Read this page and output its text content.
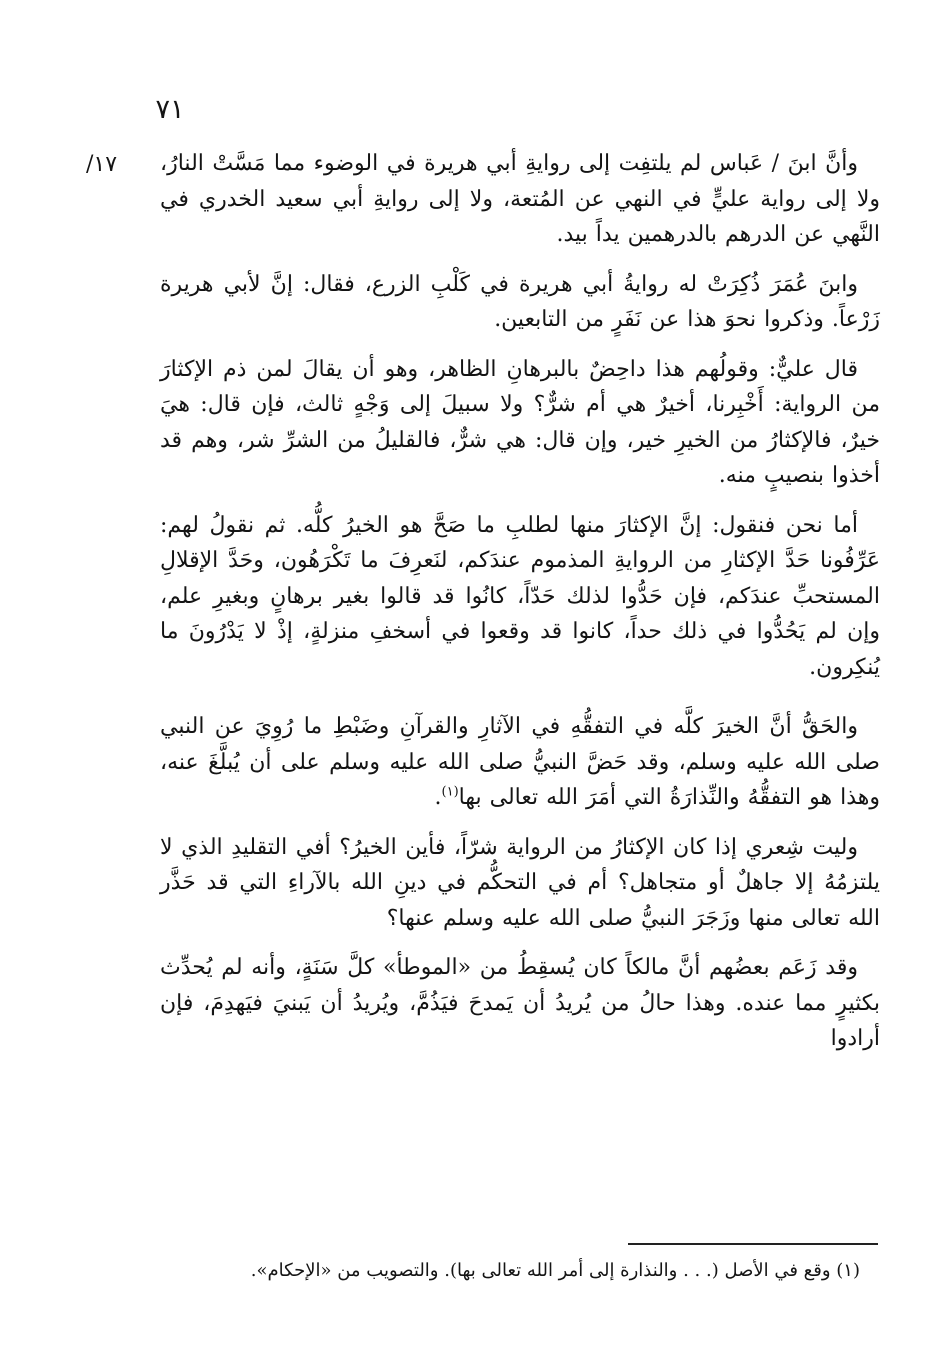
٧١
١٧/ وأنَّ ابنَ / عَباس لم يلتفِت إلى روايةِ أبي هريرة في الوضوء مما مَسَّتْ النارُ، ولا إلى رواية عليٍّ في النهي عن المُتعة، ولا إلى روايةِ أبي سعيد الخدري في النَّهي عن الدرهم بالدرهمين يداً بيد.

وابنَ عُمَرَ ذُكِرَتْ له روايةُ أبي هريرة في كَلْبِ الزرع، فقال: إنَّ لأبي هريرة زَرْعاً. وذكروا نحوَ هذا عن نَفَرٍ من التابعين.

قال عليٌّ: وقولُهم هذا داحِضٌ بالبرهانِ الظاهر، وهو أن يقالَ لمن ذم الإكثارَ من الرواية: أَخْبِرنا، أخيرٌ هي أم شرٌّ؟ ولا سبيلَ إلى وَجْهٍ ثالث، فإن قال: هيَ خيرٌ، فالإكثارُ من الخيرِ خير، وإن قال: هي شرٌّ، فالقليلُ من الشرِّ شر، وهم قد أخذوا بنصيبٍ منه.

أما نحن فنقول: إنَّ الإكثارَ منها لطلبِ ما صَحَّ هو الخيرُ كلُّه. ثم نقولُ لهم: عَرِّفُونا حَدَّ الإكثارِ من الروايةِ المذموم عندَكم، لنَعرِفَ ما تَكْرَهُون، وحَدَّ الإقلالِ المستحبِّ عندَكم، فإن حَدُّوا لذلك حَدّاً، كانُوا قد قالوا بغير برهانٍ وبغيرِ علم، وإن لم يَحُدُّوا في ذلك حداً، كانوا قد وقعوا في أسخفِ منزلةٍ، إذْ لا يَدْرُونَ ما يُنكِرون.

والحَقُّ أنَّ الخيرَ كلَّه في التفقُّهِ في الآثارِ والقرآنِ وضَبْطِ ما رُوِيَ عن النبي صلى الله عليه وسلم، وقد حَضَّ النبيُّ صلى الله عليه وسلم على أن يُبلَّغَ عنه، وهذا هو التفقُّهُ والنِّذارَةُ التي أمَرَ الله تعالى بها$^{(١)}$.

وليت شِعري إذا كان الإكثارُ من الرواية شرّاً، فأين الخيرُ؟ أفي التقليدِ الذي لا يلتزمُهُ إلا جاهلٌ أو متجاهل؟ أم في التحكُّم في دينِ الله بالآراءِ التي قد حَذَّر الله تعالى منها وزَجَرَ النبيُّ صلى الله عليه وسلم عنها؟

وقد زَعَم بعضُهم أنَّ مالكاً كان يُسقِطُ من «الموطأ» كلَّ سَنَةٍ، وأنه لم يُحدِّث بكثيرٍ مما عنده. وهذا حالُ من يُريدُ أن يَمدحَ فيَذُمَّ، ويُريدُ أن يَبنيَ فيَهدِمَ، فإن أرادوا

(١) وقع في الأصل (. . . والنذارة إلى أمر الله تعالى بها). والتصويب من «الإحكام».
